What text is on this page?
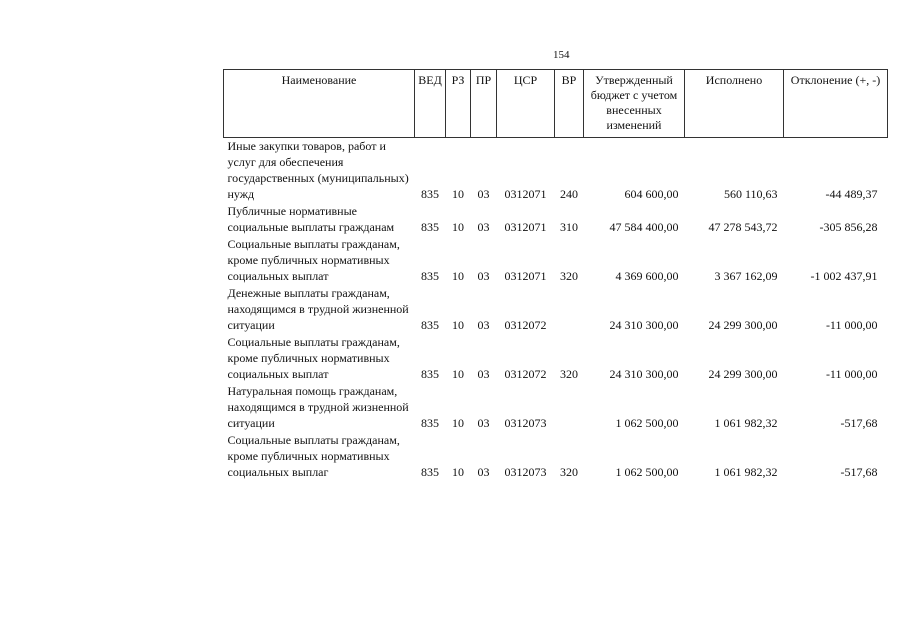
154
Наименование	ВЕД	РЗ	ПР	ЦСР	ВР	Утвержденный бюджет с учетом внесенных изменений	Исполнено	Отклонение (+, -)
Иные закупки товаров, работ и услуг для обеспечения государственных (муниципальных) нужд	835	10	03	0312071	240	604 600,00	560 110,63	-44 489,37
Публичные нормативные социальные выплаты гражданам	835	10	03	0312071	310	47 584 400,00	47 278 543,72	-305 856,28
Социальные выплаты гражданам, кроме публичных нормативных социальных выплат	835	10	03	0312071	320	4 369 600,00	3 367 162,09	-1 002 437,91
Денежные выплаты гражданам, находящимся в трудной жизненной ситуации	835	10	03	0312072		24 310 300,00	24 299 300,00	-11 000,00
Социальные выплаты гражданам, кроме публичных нормативных социальных выплат	835	10	03	0312072	320	24 310 300,00	24 299 300,00	-11 000,00
Натуральная помощь гражданам, находящимся в трудной жизненной ситуации	835	10	03	0312073		1 062 500,00	1 061 982,32	-517,68
Социальные выплаты гражданам, кроме публичных нормативных социальных выплаг	835	10	03	0312073	320	1 062 500,00	1 061 982,32	-517,68
